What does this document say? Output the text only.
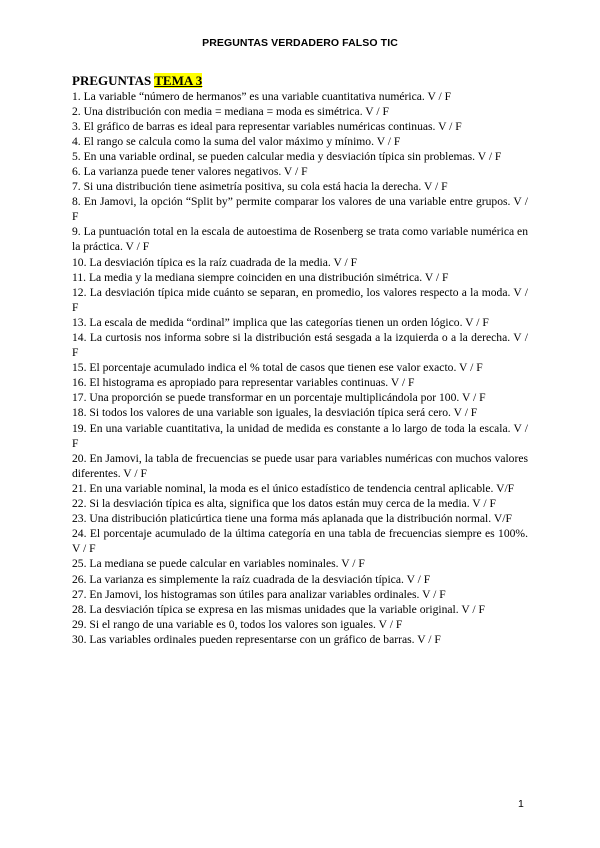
PREGUNTAS VERDADERO FALSO TIC

PREGUNTAS TEMA 3

1. La variable “número de hermanos” es una variable cuantitativa numérica. V / F
2. Una distribución con media = mediana = moda es simétrica. V / F
3. El gráfico de barras es ideal para representar variables numéricas continuas. V / F
4. El rango se calcula como la suma del valor máximo y mínimo. V / F
5. En una variable ordinal, se pueden calcular media y desviación típica sin problemas. V / F
6. La varianza puede tener valores negativos. V / F
7. Si una distribución tiene asimetría positiva, su cola está hacia la derecha. V / F
8. En Jamovi, la opción “Split by” permite comparar los valores de una variable entre grupos. V / F
9. La puntuación total en la escala de autoestima de Rosenberg se trata como variable numérica en la práctica. V / F
10. La desviación típica es la raíz cuadrada de la media. V / F
11. La media y la mediana siempre coinciden en una distribución simétrica. V / F
12. La desviación típica mide cuánto se separan, en promedio, los valores respecto a la moda. V / F
13. La escala de medida “ordinal” implica que las categorías tienen un orden lógico. V / F
14. La curtosis nos informa sobre si la distribución está sesgada a la izquierda o a la derecha. V / F
15. El porcentaje acumulado indica el % total de casos que tienen ese valor exacto. V / F
16. El histograma es apropiado para representar variables continuas. V / F
17. Una proporción se puede transformar en un porcentaje multiplicándola por 100. V / F
18. Si todos los valores de una variable son iguales, la desviación típica será cero. V / F
19. En una variable cuantitativa, la unidad de medida es constante a lo largo de toda la escala. V / F
20. En Jamovi, la tabla de frecuencias se puede usar para variables numéricas con muchos valores diferentes. V / F
21. En una variable nominal, la moda es el único estadístico de tendencia central aplicable. V/F
22. Si la desviación típica es alta, significa que los datos están muy cerca de la media. V / F
23. Una distribución platicúrtica tiene una forma más aplanada que la distribución normal. V/F
24. El porcentaje acumulado de la última categoría en una tabla de frecuencias siempre es 100%. V / F
25. La mediana se puede calcular en variables nominales. V / F
26. La varianza es simplemente la raíz cuadrada de la desviación típica. V / F
27. En Jamovi, los histogramas son útiles para analizar variables ordinales. V / F
28. La desviación típica se expresa en las mismas unidades que la variable original. V / F
29. Si el rango de una variable es 0, todos los valores son iguales. V / F
30. Las variables ordinales pueden representarse con un gráfico de barras. V / F
1
